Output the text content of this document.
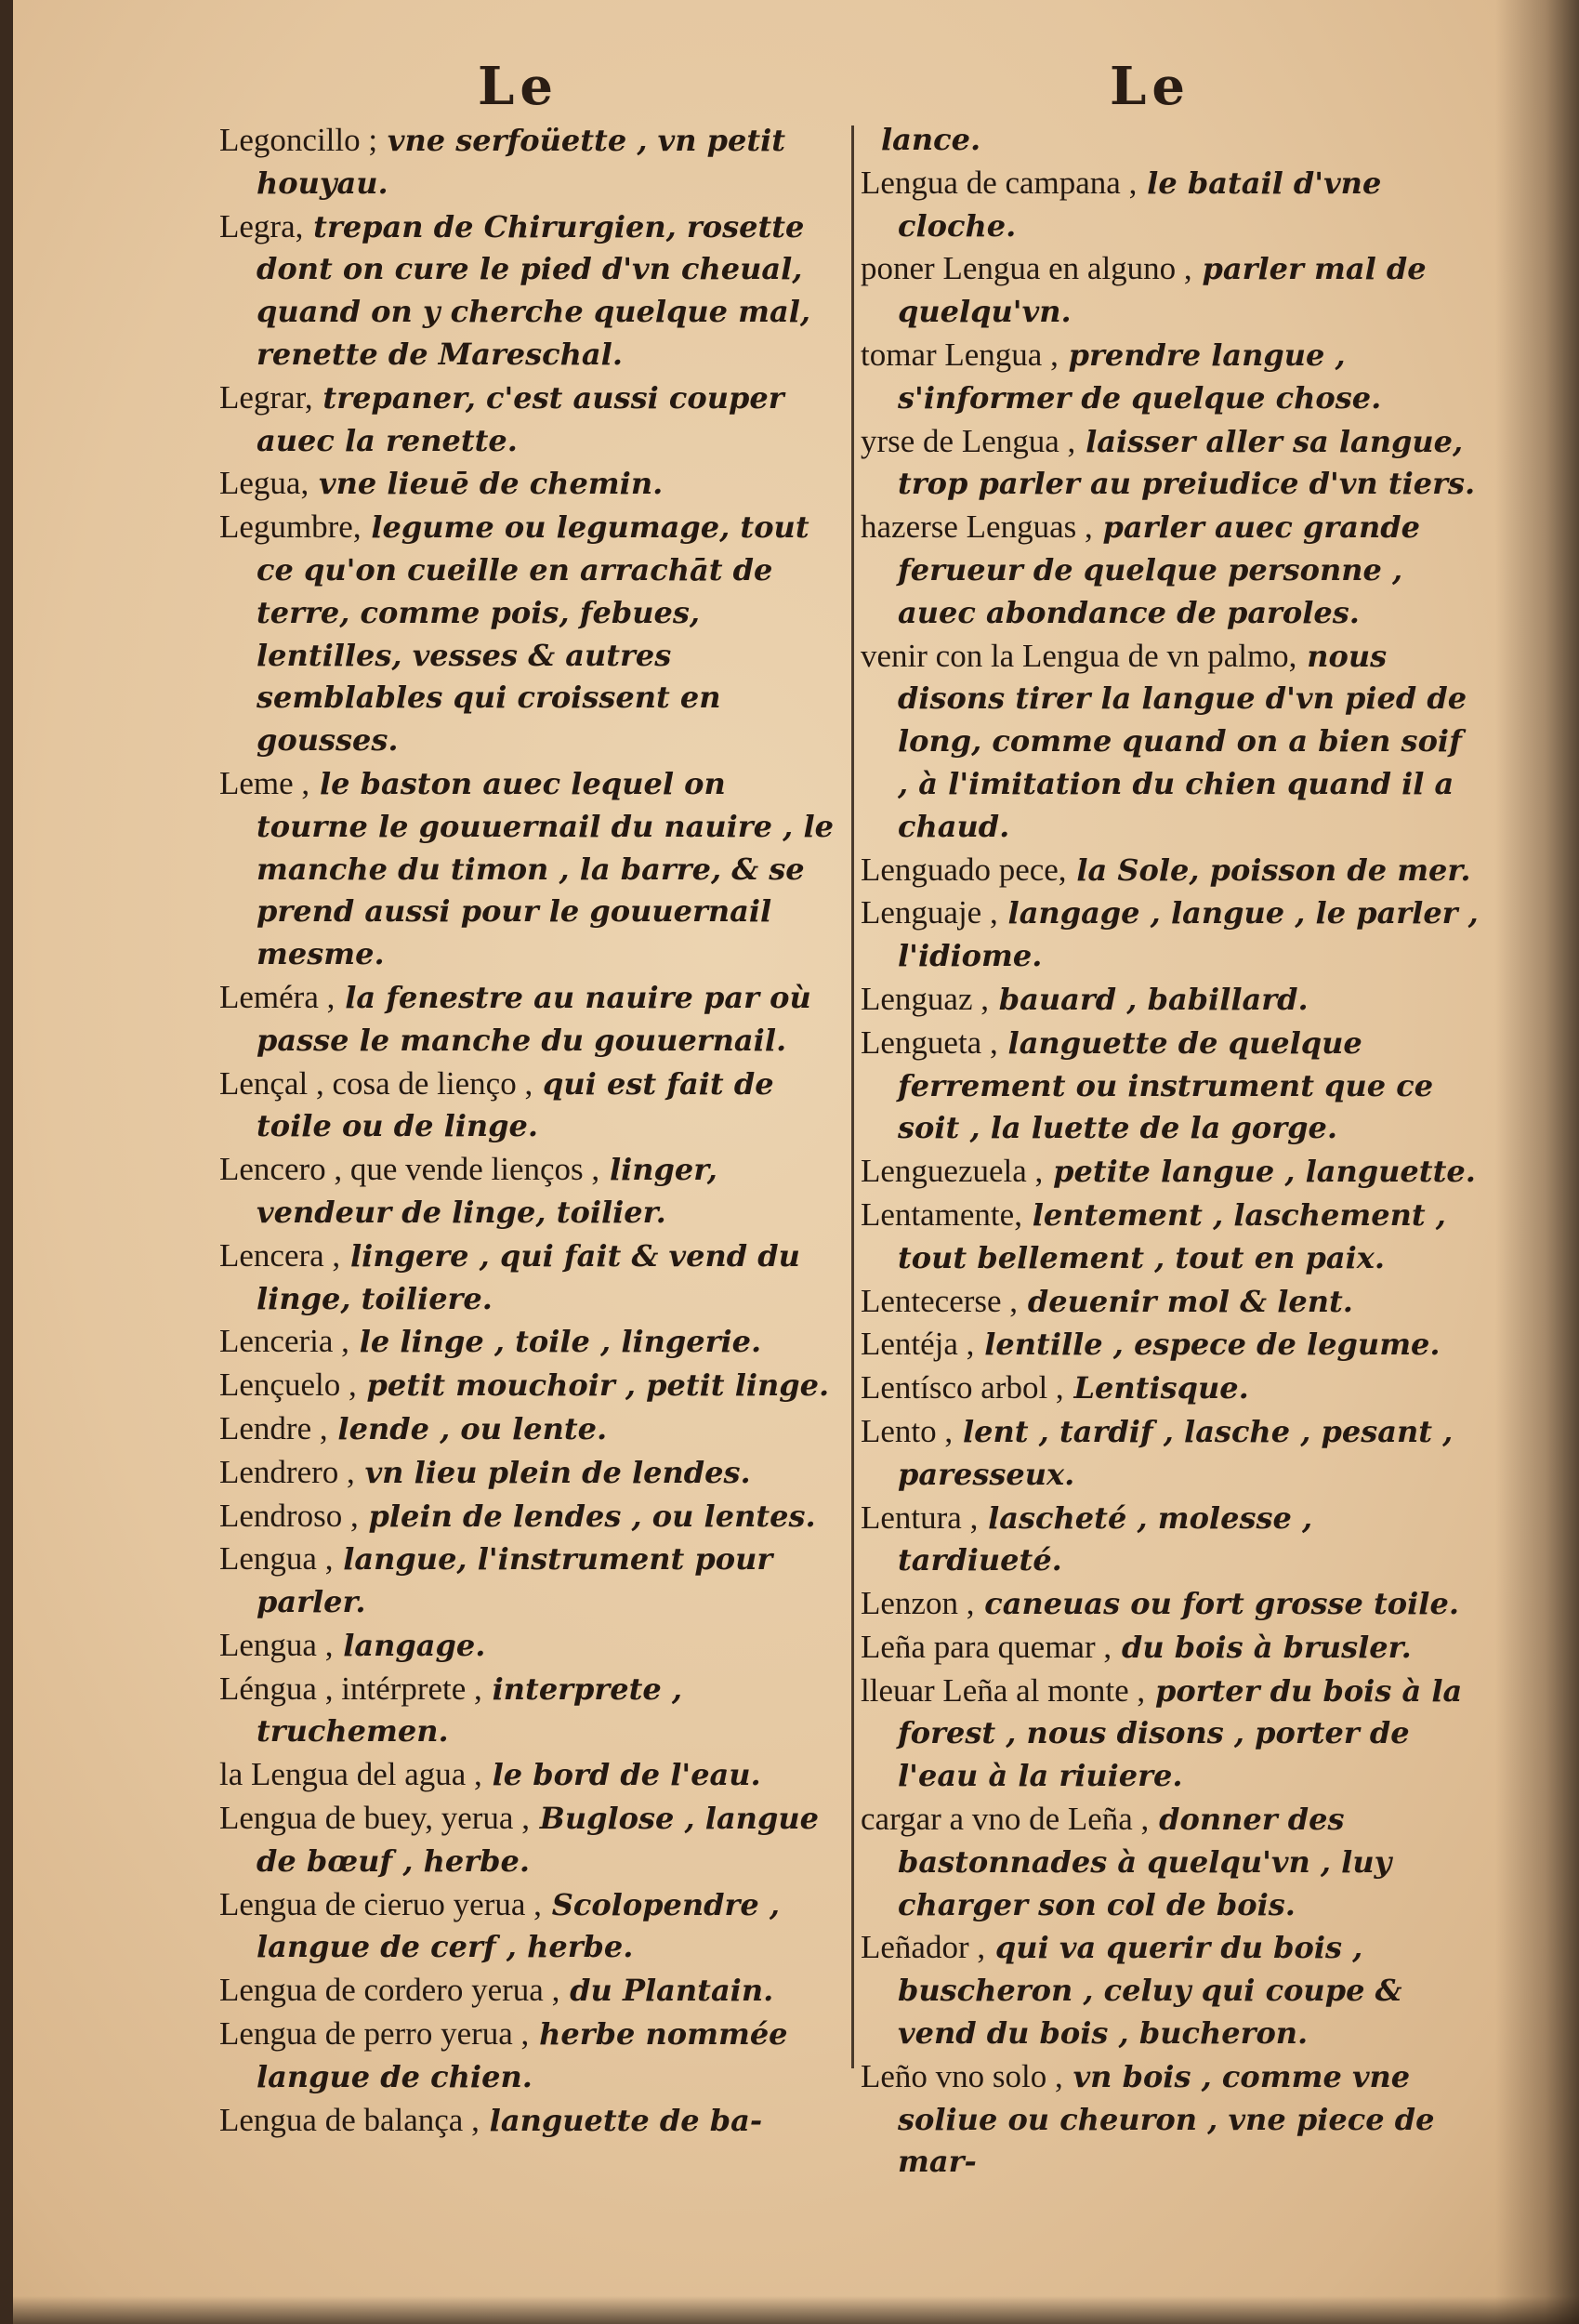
Le	Le

Legoncillo ; vne serfoüette , vn petit houyau.

Legra, trepan de Chirurgien, rosette dont on cure le pied d'vn cheual, quand on y cherche quelque mal, renette de Mareschal.

Legrar, trepaner, c'est aussi couper auec la renette.

Legua, vne lieuē de chemin.

Legumbre, legume ou legumage, tout ce qu'on cueille en arrachāt de terre, comme pois, febues, lentilles, vesses & autres semblables qui croissent en gousses.

Leme , le baston auec lequel on tourne le gouuernail du nauire , le manche du timon , la barre, & se prend aussi pour le gouuernail mesme.

Leméra , la fenestre au nauire par où passe le manche du gouuernail.

Lençal , cosa de lienço , qui est fait de toile ou de linge.

Lencero , que vende lienços , linger, vendeur de linge, toilier.

Lencera , lingere , qui fait & vend du linge, toiliere.

Lenceria , le linge , toile , lingerie.

Lençuelo , petit mouchoir , petit linge.

Lendre , lende , ou lente.

Lendrero , vn lieu plein de lendes.

Lendroso , plein de lendes , ou lentes.

Lengua , langue, l'instrument pour parler.

Lengua , langage.

Léngua , intérprete , interprete , truchemen.

la Lengua del agua , le bord de l'eau.

Lengua de buey, yerua , Buglose , langue de bœuf , herbe.

Lengua de cieruo yerua , Scolopendre , langue de cerf , herbe.

Lengua de cordero yerua , du Plantain.

Lengua de perro yerua , herbe nommée langue de chien.

Lengua de balança , languette de ba-

lance.

Lengua de campana , le batail d'vne cloche.

poner Lengua en alguno , parler mal de quelqu'vn.

tomar Lengua , prendre langue , s'informer de quelque chose.

yrse de Lengua , laisser aller sa langue, trop parler au preiudice d'vn tiers.

hazerse Lenguas , parler auec grande ferueur de quelque personne , auec abondance de paroles.

venir con la Lengua de vn palmo, nous disons tirer la langue d'vn pied de long, comme quand on a bien soif , à l'imitation du chien quand il a chaud.

Lenguado pece, la Sole, poisson de mer.

Lenguaje , langage , langue , le parler , l'idiome.

Lenguaz , bauard , babillard.

Lengueta , languette de quelque ferrement ou instrument que ce soit , la luette de la gorge.

Lenguezuela , petite langue , languette.

Lentamente, lentement , laschement , tout bellement , tout en paix.

Lentecerse , deuenir mol & lent.

Lentéja , lentille , espece de legume.

Lentísco arbol , Lentisque.

Lento , lent , tardif , lasche , pesant , paresseux.

Lentura , lascheté , molesse , tardiueté.

Lenzon , caneuas ou fort grosse toile.

Leña para quemar , du bois à brusler.

lleuar Leña al monte , porter du bois à la forest , nous disons , porter de l'eau à la riuiere.

cargar a vno de Leña , donner des bastonnades à quelqu'vn , luy charger son col de bois.

Leñador , qui va querir du bois , buscheron , celuy qui coupe & vend du bois , bucheron.

Leño vno solo , vn bois , comme vne soliue ou cheuron , vne piece de mar-
